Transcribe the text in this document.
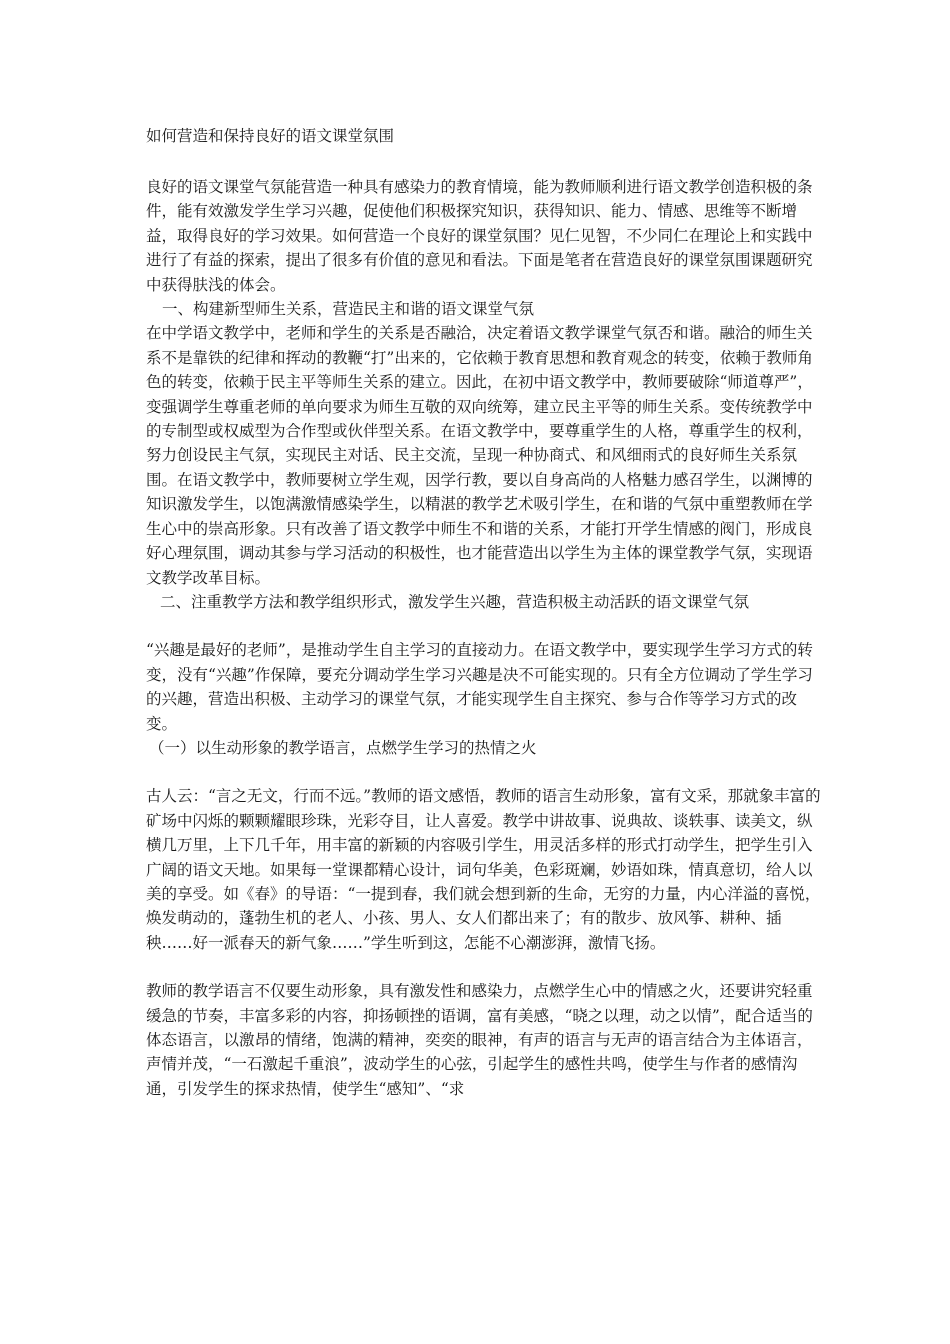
如何营造和保持良好的语文课堂氛围

良好的语文课堂气氛能营造一种具有感染力的教育情境，能为教师顺利进行语文教学创造积极的条件，能有效激发学生学习兴趣，促使他们积极探究知识，获得知识、能力、情感、思维等不断增益，取得良好的学习效果。如何营造一个良好的课堂氛围？见仁见智，不少同仁在理论上和实践中进行了有益的探索，提出了很多有价值的意见和看法。下面是笔者在营造良好的课堂氛围课题研究中获得肤浅的体会。

一、构建新型师生关系，营造民主和谐的语文课堂气氛

在中学语文教学中，老师和学生的关系是否融洽，决定着语文教学课堂气氛否和谐。融洽的师生关系不是靠铁的纪律和挥动的教鞭“打”出来的，它依赖于教育思想和教育观念的转变，依赖于教师角色的转变，依赖于民主平等师生关系的建立。因此，在初中语文教学中，教师要破除“师道尊严”，变强调学生尊重老师的单向要求为师生互敬的双向统筹，建立民主平等的师生关系。变传统教学中的专制型或权威型为合作型或伙伴型关系。在语文教学中，要尊重学生的人格，尊重学生的权利，努力创设民主气氛，实现民主对话、民主交流，呈现一种协商式、和风细雨式的良好师生关系氛围。在语文教学中，教师要树立学生观，因学行教，要以自身高尚的人格魅力感召学生，以渊博的知识激发学生，以饱满激情感染学生，以精湛的教学艺术吸引学生，在和谐的气氛中重塑教师在学生心中的崇高形象。只有改善了语文教学中师生不和谐的关系，才能打开学生情感的阀门，形成良好心理氛围，调动其参与学习活动的积极性，也才能营造出以学生为主体的课堂教学气氛，实现语文教学改革目标。

二、注重教学方法和教学组织形式，激发学生兴趣，营造积极主动活跃的语文课堂气氛

“兴趣是最好的老师”，是推动学生自主学习的直接动力。在语文教学中，要实现学生学习方式的转变，没有“兴趣”作保障，要充分调动学生学习兴趣是决不可能实现的。只有全方位调动了学生学习的兴趣，营造出积极、主动学习的课堂气氛，才能实现学生自主探究、参与合作等学习方式的改变。

（一）以生动形象的教学语言，点燃学生学习的热情之火

古人云：“言之无文，行而不远。”教师的语文感悟，教师的语言生动形象，富有文采，那就象丰富的矿场中闪烁的颗颗耀眼珍珠，光彩夺目，让人喜爱。教学中讲故事、说典故、谈轶事、读美文，纵横几万里，上下几千年，用丰富的新颖的内容吸引学生，用灵活多样的形式打动学生，把学生引入广阔的语文天地。如果每一堂课都精心设计，词句华美，色彩斑斓，妙语如珠，情真意切，给人以美的享受。如《春》的导语：“一提到春，我们就会想到新的生命，无穷的力量，内心洋溢的喜悦，焕发萌动的，蓬勃生机的老人、小孩、男人、女人们都出来了；有的散步、放风筝、耕种、插秧……好一派春天的新气象……”学生听到这，怎能不心潮澎湃，激情飞扬。

教师的教学语言不仅要生动形象，具有激发性和感染力，点燃学生心中的情感之火，还要讲究轻重缓急的节奏，丰富多彩的内容，抑扬顿挫的语调，富有美感，“晓之以理，动之以情”，配合适当的体态语言，以激昂的情绪，饱满的精神，奕奕的眼神，有声的语言与无声的语言结合为主体语言，声情并茂，“一石激起千重浪”，波动学生的心弦，引起学生的感性共鸣，使学生与作者的感情沟通，引发学生的探求热情，使学生“感知”、“求
